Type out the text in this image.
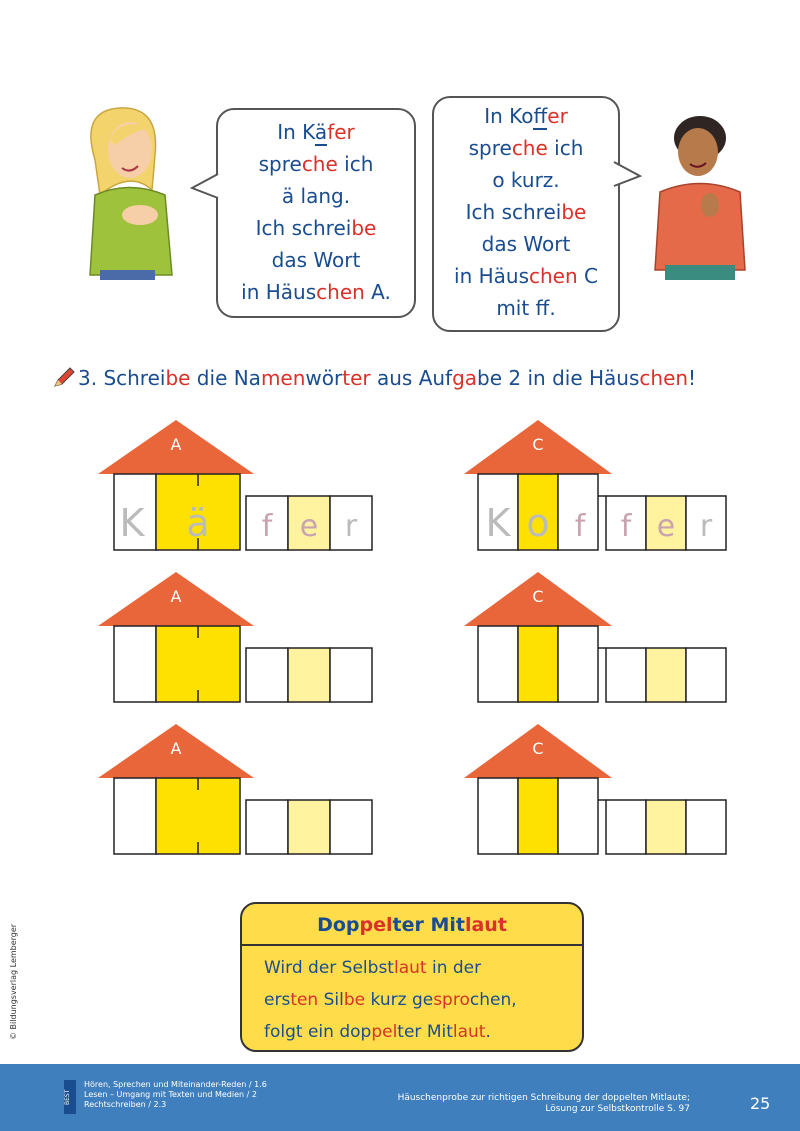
In Käfer
spreche ich
ä lang.
Ich schreibe
das Wort
in Häuschen A.
In Koffer
spreche ich
o kurz.
Ich schreibe
das Wort
in Häuschen C
mit ff.
3. Schreibe die Namenwörter aus Aufgabe 2 in die Häuschen!
A
K ä f e r
C
K o f f e r
A	C
A	C
Doppelter Mitlaut
Wird der Selbstlaut in der
ersten Silbe kurz gesprochen,
folgt ein doppelter Mitlaut.
© Bildungsverlag Lemberger
BEST
Hören, Sprechen und Miteinander-Reden / 1.6
Lesen – Umgang mit Texten und Medien / 2
Rechtschreiben / 2.3
Häuschenprobe zur richtigen Schreibung der doppelten Mitlaute;
Lösung zur Selbstkontrolle S. 97	25
